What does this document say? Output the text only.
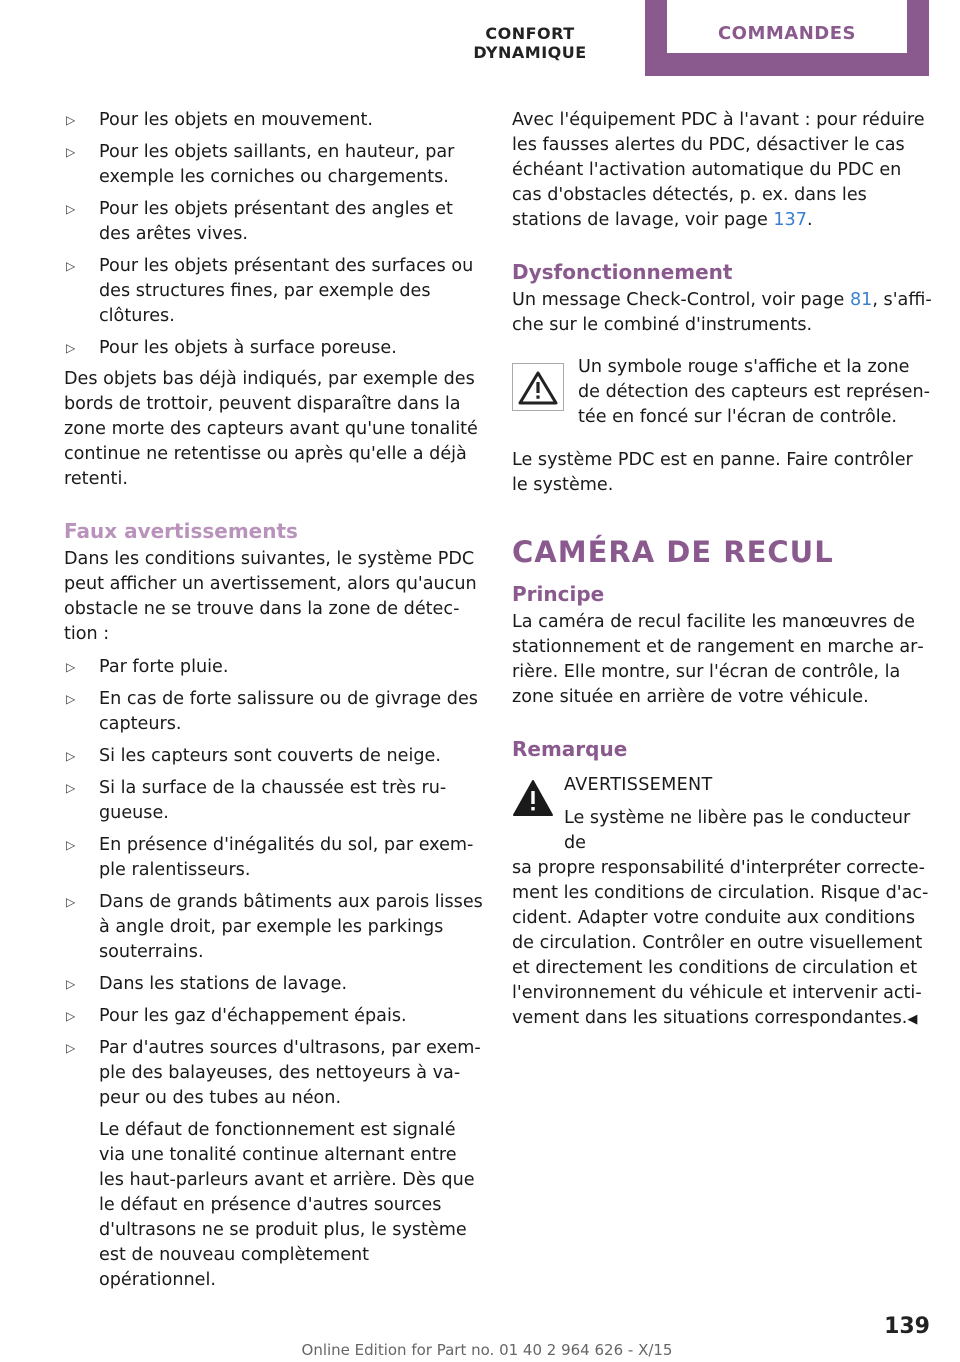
CONFORT DYNAMIQUE
COMMANDES
▷ Pour les objets en mouvement.
▷ Pour les objets saillants, en hauteur, par exemple les corniches ou chargements.
▷ Pour les objets présentant des angles et des arêtes vives.
▷ Pour les objets présentant des surfaces ou des structures fines, par exemple des clôtures.
▷ Pour les objets à surface poreuse.

Des objets bas déjà indiqués, par exemple des bords de trottoir, peuvent disparaître dans la zone morte des capteurs avant qu'une tonalité continue ne retentisse ou après qu'elle a déjà retenti.

Faux avertissements

Dans les conditions suivantes, le système PDC peut afficher un avertissement, alors qu'aucun obstacle ne se trouve dans la zone de détection :

▷ Par forte pluie.
▷ En cas de forte salissure ou de givrage des capteurs.
▷ Si les capteurs sont couverts de neige.
▷ Si la surface de la chaussée est très rugueuse.
▷ En présence d'inégalités du sol, par exemple ralentisseurs.
▷ Dans de grands bâtiments aux parois lisses à angle droit, par exemple les parkings souterrains.
▷ Dans les stations de lavage.
▷ Pour les gaz d'échappement épais.
▷ Par d'autres sources d'ultrasons, par exemple des balayeuses, des nettoyeurs à vapeur ou des tubes au néon.
Le défaut de fonctionnement est signalé via une tonalité continue alternant entre les haut-parleurs avant et arrière. Dès que le défaut en présence d'autres sources d'ultrasons ne se produit plus, le système est de nouveau complètement opérationnel.

Avec l'équipement PDC à l'avant : pour réduire les fausses alertes du PDC, désactiver le cas échéant l'activation automatique du PDC en cas d'obstacles détectés, p. ex. dans les stations de lavage, voir page 137.

Dysfonctionnement

Un message Check-Control, voir page 81, s'affiche sur le combiné d'instruments.

Un symbole rouge s'affiche et la zone de détection des capteurs est représentée en foncé sur l'écran de contrôle.

Le système PDC est en panne. Faire contrôler le système.

CAMÉRA DE RECUL
Principe

La caméra de recul facilite les manœuvres de stationnement et de rangement en marche arrière. Elle montre, sur l'écran de contrôle, la zone située en arrière de votre véhicule.

Remarque
AVERTISSEMENT

Le système ne libère pas le conducteur de

sa propre responsabilité d'interpréter correctement les conditions de circulation. Risque d'accident. Adapter votre conduite aux conditions de circulation. Contrôler en outre visuellement et directement les conditions de circulation et l'environnement du véhicule et intervenir activement dans les situations correspondantes.◀

139
Online Edition for Part no. 01 40 2 964 626 - X/15
